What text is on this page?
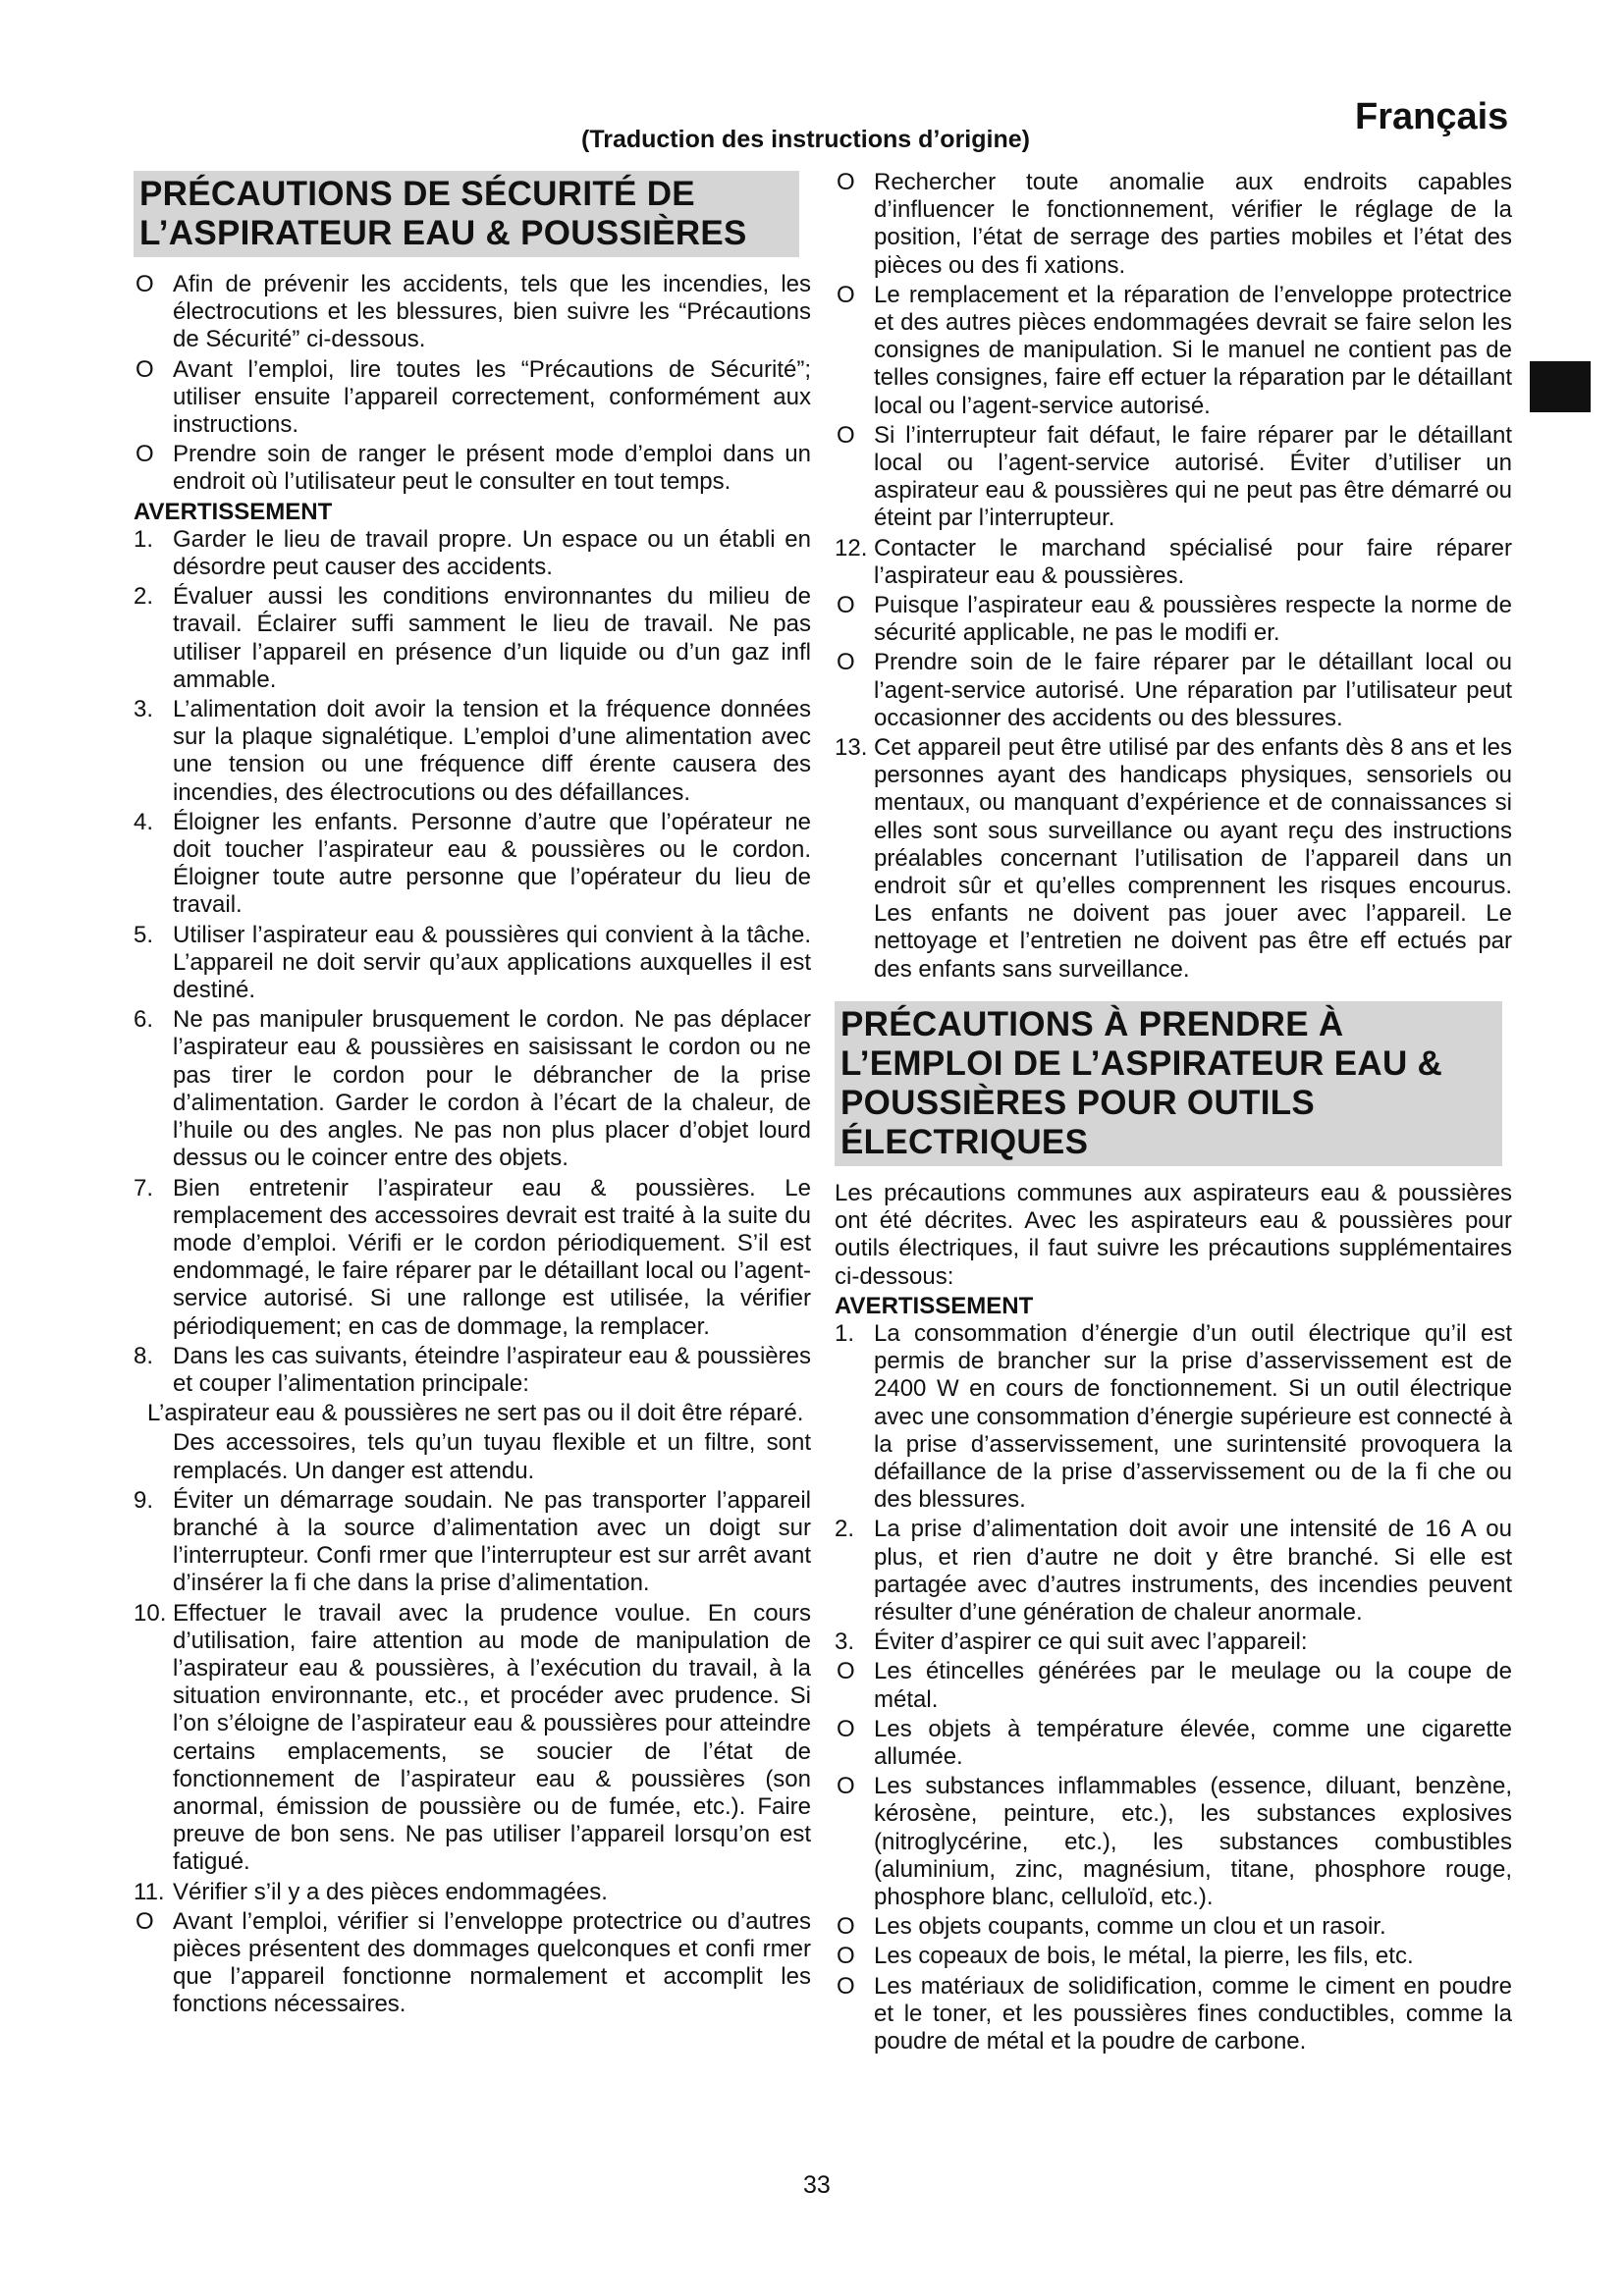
Français
(Traduction des instructions d’origine)
PRÉCAUTIONS DE SÉCURITÉ DE L’ASPIRATEUR EAU & POUSSIÈRES
O Afin de prévenir les accidents, tels que les incendies, les électrocutions et les blessures, bien suivre les “Précautions de Sécurité” ci-dessous.
O Avant l’emploi, lire toutes les “Précautions de Sécurité”; utiliser ensuite l’appareil correctement, conformément aux instructions.
O Prendre soin de ranger le présent mode d’emploi dans un endroit où l’utilisateur peut le consulter en tout temps.
AVERTISSEMENT
1. Garder le lieu de travail propre. Un espace ou un établi en désordre peut causer des accidents.
2. Évaluer aussi les conditions environnantes du milieu de travail. Éclairer suffi samment le lieu de travail. Ne pas utiliser l’appareil en présence d’un liquide ou d’un gaz infl ammable.
3. L’alimentation doit avoir la tension et la fréquence données sur la plaque signalétique. L’emploi d’une alimentation avec une tension ou une fréquence diff érente causera des incendies, des électrocutions ou des défaillances.
4. Éloigner les enfants. Personne d’autre que l’opérateur ne doit toucher l’aspirateur eau & poussières ou le cordon. Éloigner toute autre personne que l’opérateur du lieu de travail.
5. Utiliser l’aspirateur eau & poussières qui convient à la tâche. L’appareil ne doit servir qu’aux applications auxquelles il est destiné.
6. Ne pas manipuler brusquement le cordon. Ne pas déplacer l’aspirateur eau & poussières en saisissant le cordon ou ne pas tirer le cordon pour le débrancher de la prise d’alimentation. Garder le cordon à l’écart de la chaleur, de l’huile ou des angles. Ne pas non plus placer d’objet lourd dessus ou le coincer entre des objets.
7. Bien entretenir l’aspirateur eau & poussières. Le remplacement des accessoires devrait est traité à la suite du mode d’emploi. Vérifi er le cordon périodiquement. S’il est endommagé, le faire réparer par le détaillant local ou l’agent-service autorisé. Si une rallonge est utilisée, la vérifier périodiquement; en cas de dommage, la remplacer.
8. Dans les cas suivants, éteindre l’aspirateur eau & poussières et couper l’alimentation principale:
L’aspirateur eau & poussières ne sert pas ou il doit être réparé.
Des accessoires, tels qu’un tuyau flexible et un filtre, sont remplacés. Un danger est attendu.
9. Éviter un démarrage soudain. Ne pas transporter l’appareil branché à la source d’alimentation avec un doigt sur l’interrupteur. Confi rmer que l’interrupteur est sur arrêt avant d’insérer la fi che dans la prise d’alimentation.
10. Effectuer le travail avec la prudence voulue. En cours d’utilisation, faire attention au mode de manipulation de l’aspirateur eau & poussières, à l’exécution du travail, à la situation environnante, etc., et procéder avec prudence. Si l’on s’éloigne de l’aspirateur eau & poussières pour atteindre certains emplacements, se soucier de l’état de fonctionnement de l’aspirateur eau & poussières (son anormal, émission de poussière ou de fumée, etc.). Faire preuve de bon sens. Ne pas utiliser l’appareil lorsqu’on est fatigué.
11. Vérifier s’il y a des pièces endommagées.
O Avant l’emploi, vérifier si l’enveloppe protectrice ou d’autres pièces présentent des dommages quelconques et confi rmer que l’appareil fonctionne normalement et accomplit les fonctions nécessaires.
O Rechercher toute anomalie aux endroits capables d’influencer le fonctionnement, vérifier le réglage de la position, l’état de serrage des parties mobiles et l’état des pièces ou des fi xations.
O Le remplacement et la réparation de l’enveloppe protectrice et des autres pièces endommagées devrait se faire selon les consignes de manipulation. Si le manuel ne contient pas de telles consignes, faire eff ectuer la réparation par le détaillant local ou l’agent-service autorisé.
O Si l’interrupteur fait défaut, le faire réparer par le détaillant local ou l’agent-service autorisé. Éviter d’utiliser un aspirateur eau & poussières qui ne peut pas être démarré ou éteint par l’interrupteur.
12. Contacter le marchand spécialisé pour faire réparer l’aspirateur eau & poussières.
O Puisque l’aspirateur eau & poussières respecte la norme de sécurité applicable, ne pas le modifi er.
O Prendre soin de le faire réparer par le détaillant local ou l’agent-service autorisé. Une réparation par l’utilisateur peut occasionner des accidents ou des blessures.
13. Cet appareil peut être utilisé par des enfants dès 8 ans et les personnes ayant des handicaps physiques, sensoriels ou mentaux, ou manquant d’expérience et de connaissances si elles sont sous surveillance ou ayant reçu des instructions préalables concernant l’utilisation de l’appareil dans un endroit sûr et qu’elles comprennent les risques encourus. Les enfants ne doivent pas jouer avec l’appareil. Le nettoyage et l’entretien ne doivent pas être eff ectués par des enfants sans surveillance.
PRÉCAUTIONS À PRENDRE À L’EMPLOI DE L’ASPIRATEUR EAU & POUSSIÈRES POUR OUTILS ÉLECTRIQUES
Les précautions communes aux aspirateurs eau & poussières ont été décrites. Avec les aspirateurs eau & poussières pour outils électriques, il faut suivre les précautions supplémentaires ci-dessous:
AVERTISSEMENT
1. La consommation d’énergie d’un outil électrique qu’il est permis de brancher sur la prise d’asservissement est de 2400 W en cours de fonctionnement. Si un outil électrique avec une consommation d’énergie supérieure est connecté à la prise d’asservissement, une surintensité provoquera la défaillance de la prise d’asservissement ou de la fi che ou des blessures.
2. La prise d’alimentation doit avoir une intensité de 16 A ou plus, et rien d’autre ne doit y être branché. Si elle est partagée avec d’autres instruments, des incendies peuvent résulter d’une génération de chaleur anormale.
3. Éviter d’aspirer ce qui suit avec l’appareil:
O Les étincelles générées par le meulage ou la coupe de métal.
O Les objets à température élevée, comme une cigarette allumée.
O Les substances inflammables (essence, diluant, benzène, kérosène, peinture, etc.), les substances explosives (nitroglycérine, etc.), les substances combustibles (aluminium, zinc, magnésium, titane, phosphore rouge, phosphore blanc, celluloïd, etc.).
O Les objets coupants, comme un clou et un rasoir.
O Les copeaux de bois, le métal, la pierre, les fils, etc.
O Les matériaux de solidification, comme le ciment en poudre et le toner, et les poussières fines conductibles, comme la poudre de métal et la poudre de carbone.
33
